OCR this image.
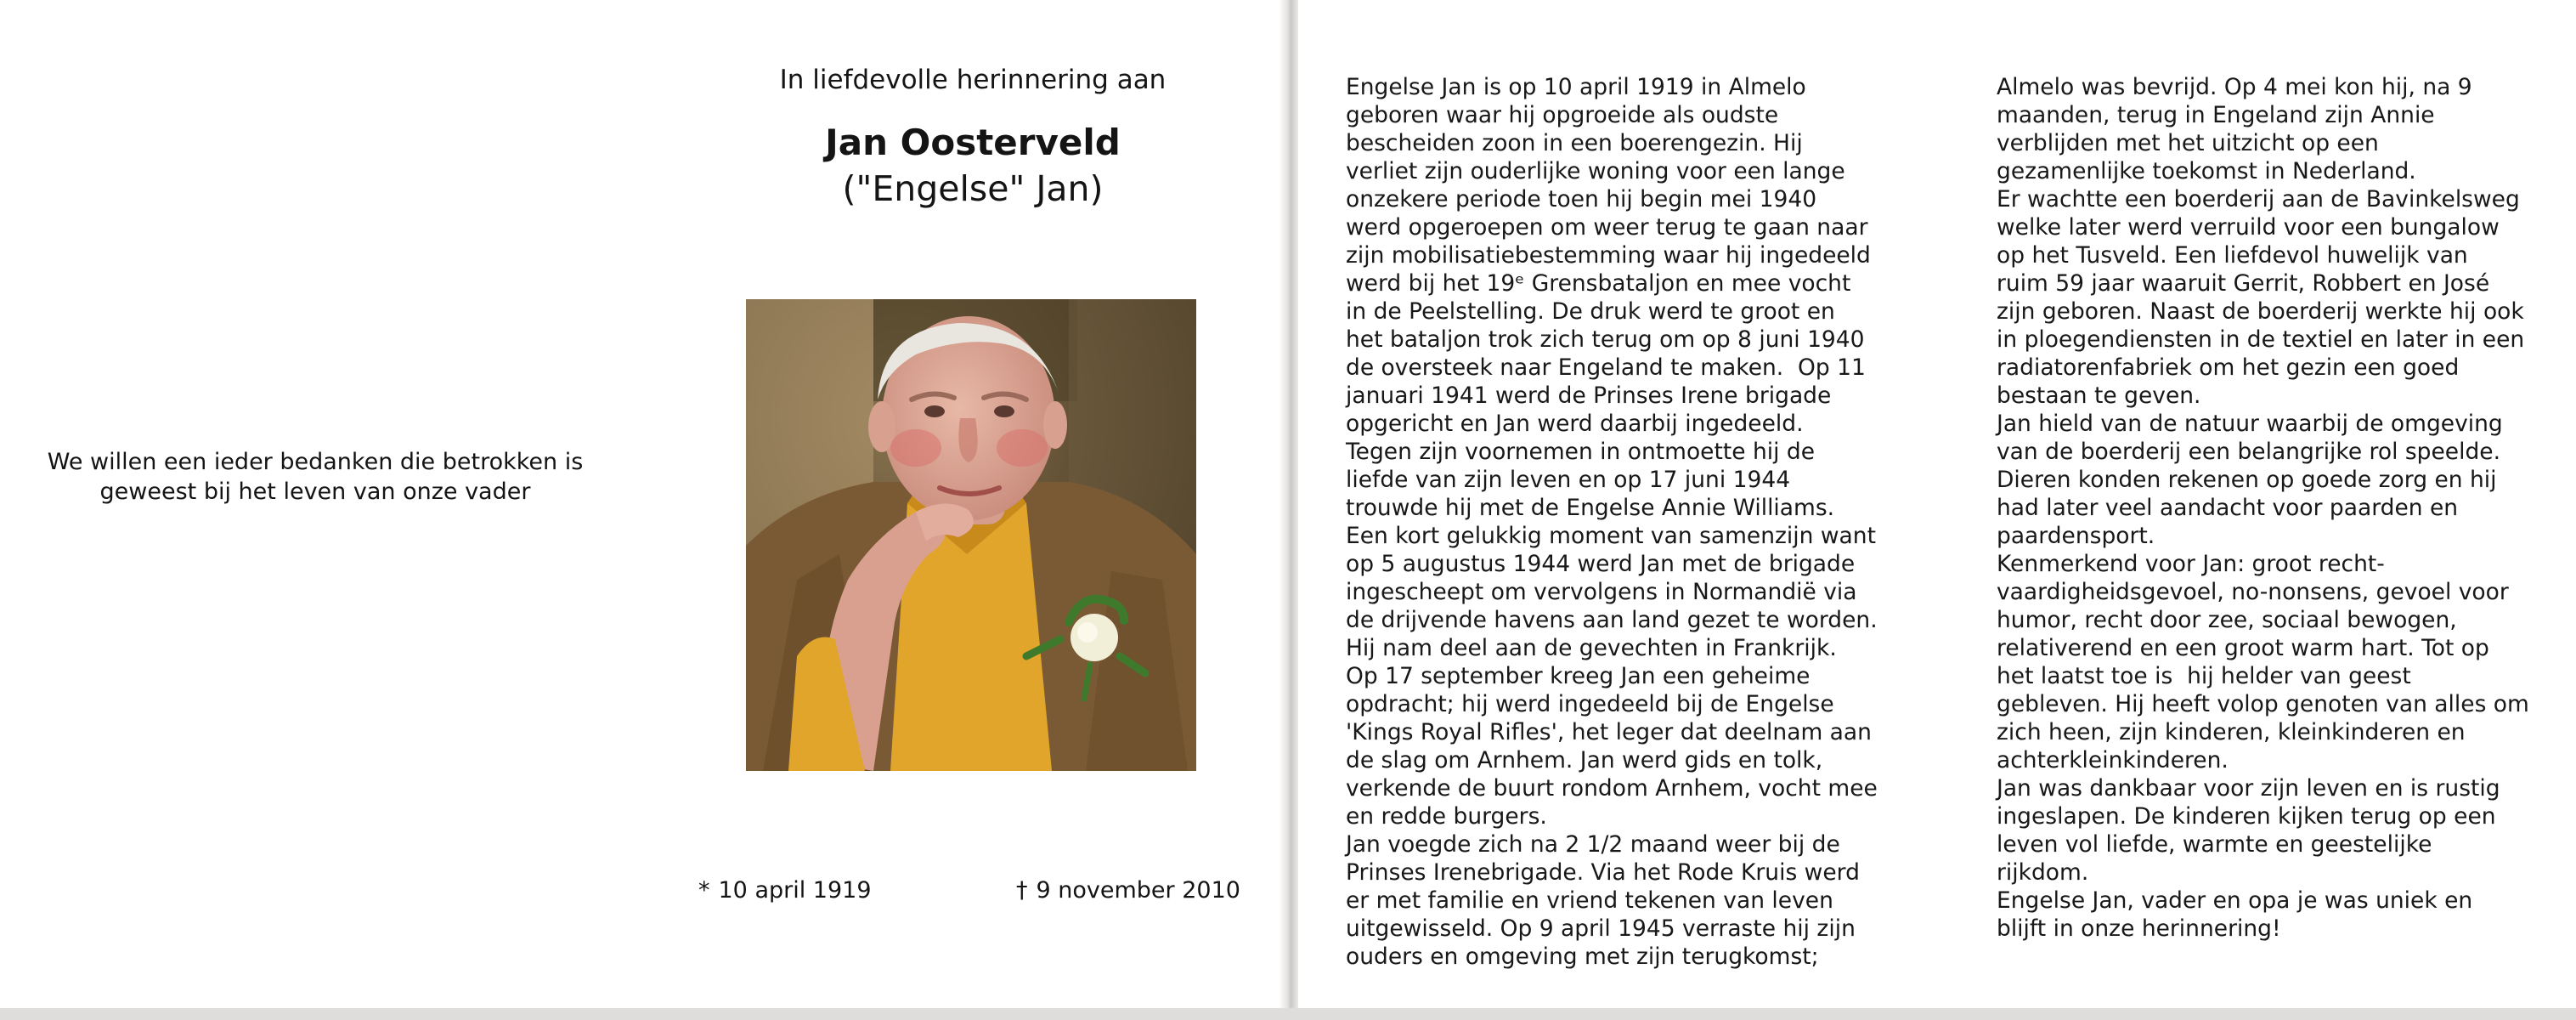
We willen een ieder bedanken die betrokken is
geweest bij het leven van onze vader

In liefdevolle herinnering aan

Jan Oosterveld

("Engelse" Jan)

* 10 april 1919	† 9 november 2010

Engelse Jan is op 10 april 1919 in Almelo
geboren waar hij opgroeide als oudste
bescheiden zoon in een boerengezin. Hij
verliet zijn ouderlijke woning voor een lange
onzekere periode toen hij begin mei 1940
werd opgeroepen om weer terug te gaan naar
zijn mobilisatiebestemming waar hij ingedeeld
werd bij het 19ᵉ Grensbataljon en mee vocht
in de Peelstelling. De druk werd te groot en
het bataljon trok zich terug om op 8 juni 1940
de oversteek naar Engeland te maken.  Op 11
januari 1941 werd de Prinses Irene brigade
opgericht en Jan werd daarbij ingedeeld.
Tegen zijn voornemen in ontmoette hij de
liefde van zijn leven en op 17 juni 1944
trouwde hij met de Engelse Annie Williams.
Een kort gelukkig moment van samenzijn want
op 5 augustus 1944 werd Jan met de brigade
ingescheept om vervolgens in Normandië via
de drijvende havens aan land gezet te worden.
Hij nam deel aan de gevechten in Frankrijk.
Op 17 september kreeg Jan een geheime
opdracht; hij werd ingedeeld bij de Engelse
'Kings Royal Rifles', het leger dat deelnam aan
de slag om Arnhem. Jan werd gids en tolk,
verkende de buurt rondom Arnhem, vocht mee
en redde burgers.
Jan voegde zich na 2 1/2 maand weer bij de
Prinses Irenebrigade. Via het Rode Kruis werd
er met familie en vriend tekenen van leven
uitgewisseld. Op 9 april 1945 verraste hij zijn
ouders en omgeving met zijn terugkomst;

Almelo was bevrijd. Op 4 mei kon hij, na 9
maanden, terug in Engeland zijn Annie
verblijden met het uitzicht op een
gezamenlijke toekomst in Nederland.
Er wachtte een boerderij aan de Bavinkelsweg
welke later werd verruild voor een bungalow
op het Tusveld. Een liefdevol huwelijk van
ruim 59 jaar waaruit Gerrit, Robbert en José
zijn geboren. Naast de boerderij werkte hij ook
in ploegendiensten in de textiel en later in een
radiatorenfabriek om het gezin een goed
bestaan te geven.
Jan hield van de natuur waarbij de omgeving
van de boerderij een belangrijke rol speelde.
Dieren konden rekenen op goede zorg en hij
had later veel aandacht voor paarden en
paardensport.
Kenmerkend voor Jan: groot recht-
vaardigheidsgevoel, no-nonsens, gevoel voor
humor, recht door zee, sociaal bewogen,
relativerend en een groot warm hart. Tot op
het laatst toe is  hij helder van geest
gebleven. Hij heeft volop genoten van alles om
zich heen, zijn kinderen, kleinkinderen en
achterkleinkinderen.
Jan was dankbaar voor zijn leven en is rustig
ingeslapen. De kinderen kijken terug op een
leven vol liefde, warmte en geestelijke
rijkdom.
Engelse Jan, vader en opa je was uniek en
blijft in onze herinnering!
